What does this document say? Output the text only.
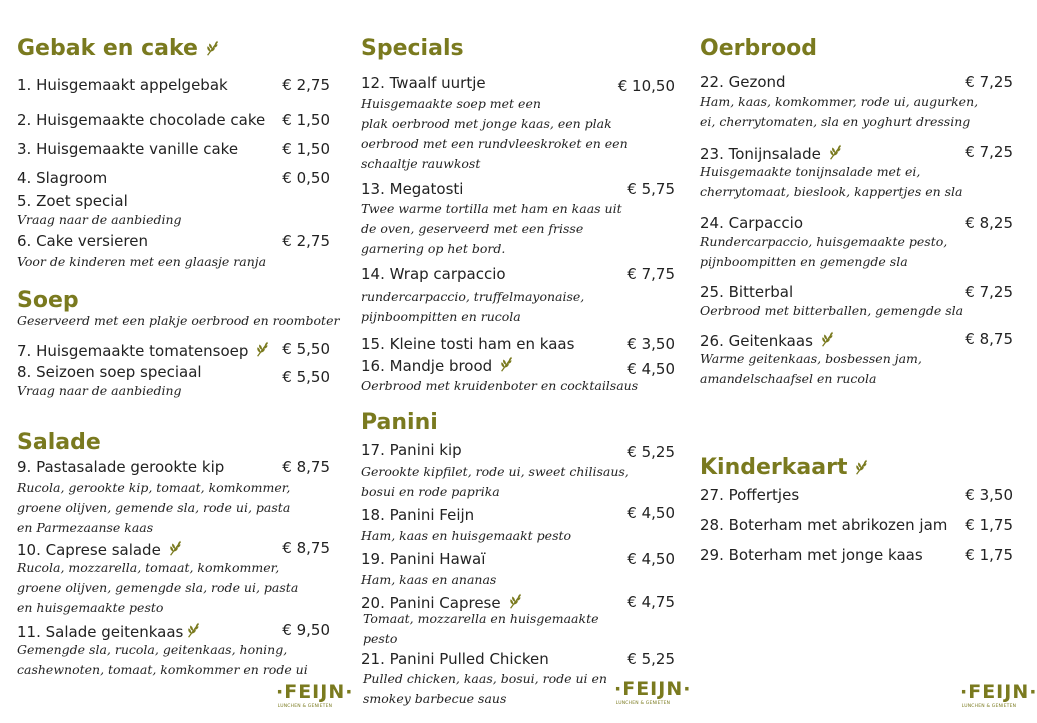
Gebak en cake
1. Huisgemaakt appelgebak	€ 2,75
2. Huisgemaakte chocolade cake € 1,50
3. Huisgemaakte vanille cake	€ 1,50
4. Slagroom	€ 0,50
5. Zoet special
Vraag naar de aanbieding
6. Cake versieren	€ 2,75
Voor de kinderen met een glaasje ranja
Soep
Geserveerd met een plakje oerbrood en roomboter
7. Huisgemaakte tomatensoep	€ 5,50
8. Seizoen soep speciaal	€ 5,50
Vraag naar de aanbieding
Salade
9. Pastasalade gerookte kip	€ 8,75
Rucola, gerookte kip, tomaat, komkommer,
groene olijven, gemende sla, rode ui, pasta
en Parmezaanse kaas
10. Caprese salade	€ 8,75
Rucola, mozzarella, tomaat, komkommer,
groene olijven, gemengde sla, rode ui, pasta
en huisgemaakte pesto
11. Salade geitenkaas	€ 9,50
Gemengde sla, rucola, geitenkaas, honing,
cashewnoten, tomaat, komkommer en rode ui
·FEIJN·
LUNCHEN & GENIETEN
Specials
12. Twaalf uurtje	€ 10,50
Huisgemaakte soep met een
plak oerbrood met jonge kaas, een plak
oerbrood met een rundvleeskroket en een
schaaltje rauwkost
13. Megatosti	€ 5,75
Twee warme tortilla met ham en kaas uit
de oven, geserveerd met een frisse
garnering op het bord.
14. Wrap carpaccio	€ 7,75
rundercarpaccio, truffelmayonaise,
pijnboompitten en rucola
15. Kleine tosti ham en kaas	€ 3,50
16. Mandje brood	€ 4,50
Oerbrood met kruidenboter en cocktailsaus
Panini
17. Panini kip	€ 5,25
Gerookte kipfilet, rode ui, sweet chilisaus,
bosui en rode paprika
18. Panini Feijn	€ 4,50
Ham, kaas en huisgemaakt pesto
19. Panini Hawaï	€ 4,50
Ham, kaas en ananas
20. Panini Caprese	€ 4,75
Tomaat, mozzarella en huisgemaakte
pesto
21. Panini Pulled Chicken	€ 5,25
Pulled chicken, kaas, bosui, rode ui en
smokey barbecue saus	·FEIJN·
LUNCHEN & GENIETEN
Oerbrood
22. Gezond	€ 7,25
Ham, kaas, komkommer, rode ui, augurken,
ei, cherrytomaten, sla en yoghurt dressing
23. Tonijnsalade	€ 7,25
Huisgemaakte tonijnsalade met ei,
cherrytomaat, bieslook, kappertjes en sla
24. Carpaccio	€ 8,25
Rundercarpaccio, huisgemaakte pesto,
pijnboompitten en gemengde sla
25. Bitterbal	€ 7,25
Oerbrood met bitterballen, gemengde sla
26. Geitenkaas	€ 8,75
Warme geitenkaas, bosbessen jam,
amandelschaafsel en rucola
Kinderkaart
27. Poffertjes	€ 3,50
28. Boterham met abrikozen jam € 1,75
29. Boterham met jonge kaas	€ 1,75
·FEIJN·
LUNCHEN & GENIETEN
